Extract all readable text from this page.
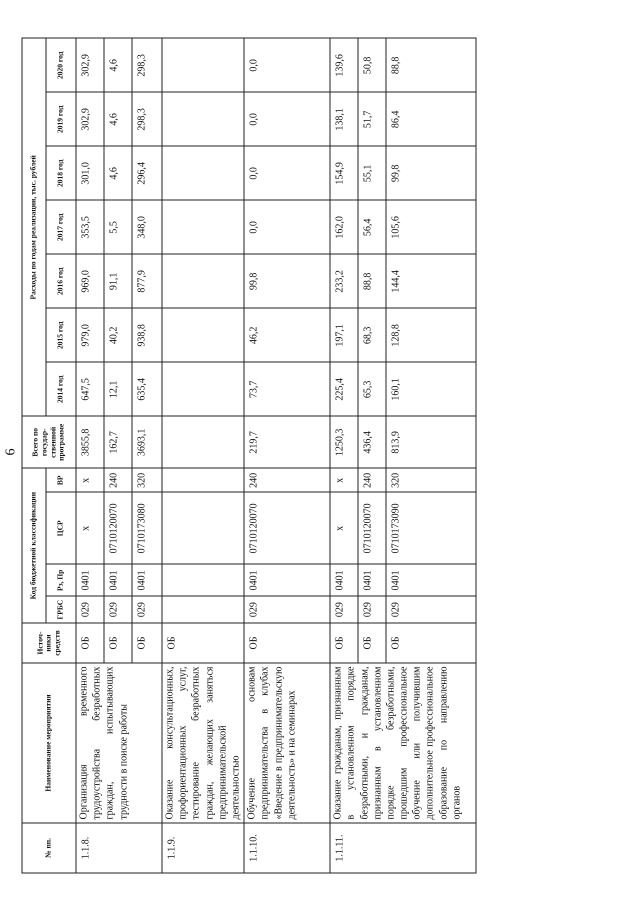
6
№ пп.	Наименование мероприятия	Источ-ники средств	Код бюджетной классификации				Всего по государ-ственной программе	Расходы по годам реализации, тыс. рублей						
			ГРБС	Рз, Пр	ЦСР	ВР		2014 год	2015 год	2016 год	2017 год	2018 год	2019 год	2020 год
1.1.8.	Организация временного трудоустройства безработных граждан, испытывающих трудности в поиске работы	ОБ	029	0401	х	х	3855,8	647,5	979,0	969,0	353,5	301,0	302,9	302,9
		ОБ	029	0401	0710120070	240	162,7	12,1	40,2	91,1	5,5	4,6	4,6	4,6
		ОБ	029	0401	0710173080	320	3693,1	635,4	938,8	877,9	348,0	296,4	298,3	298,3
1.1.9.	Оказание консультационных, профориентационных услуг, тестирование безработных граждан, желающих заняться предпринимательской деятельностью	ОБ												
1.1.10.	Обучение основам предпринимательства в клубах «Введение в предпринимательскую деятельность» и на семинарах	ОБ	029	0401	0710120070	240	219,7	73,7	46,2	99,8	0,0	0,0	0,0	0,0
1.1.11.	Оказание гражданам, признанным в установленном порядке безработными, и гражданам, признанным в установленном порядке безработными, прошедшим профессиональное обучение или получившим дополнительное профессиональное образование по направлению органов	ОБ	029	0401	х	х	1250,3	225,4	197,1	233,2	162,0	154,9	138,1	139,6
		ОБ	029	0401	0710120070	240	436,4	65,3	68,3	88,8	56,4	55,1	51,7	50,8
		ОБ	029	0401	0710173090	320	813,9	160,1	128,8	144,4	105,6	99,8	86,4	88,8
